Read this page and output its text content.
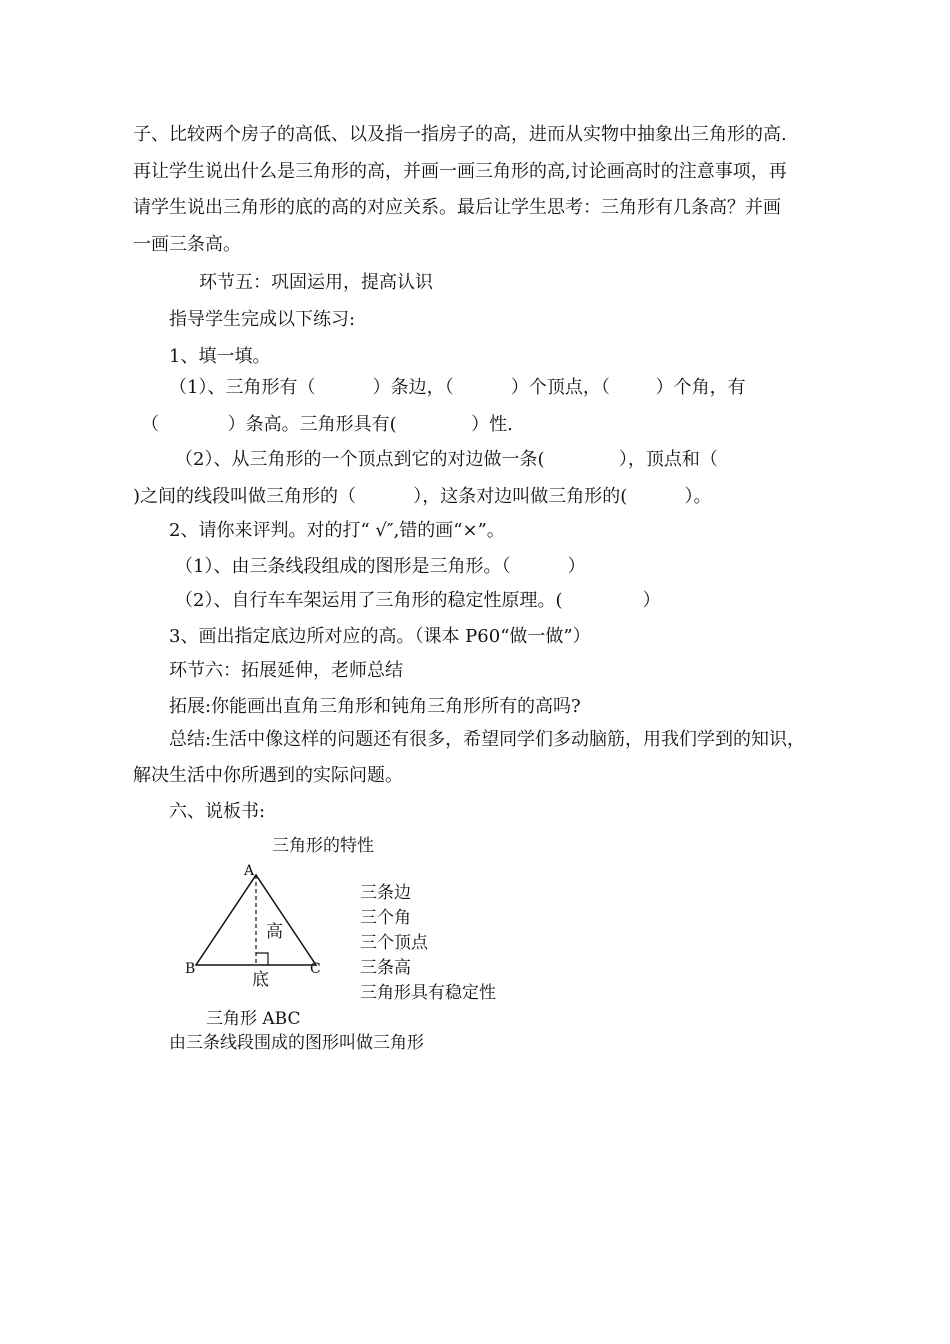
子、比较两个房子的高低、以及指一指房子的高，进而从实物中抽象出三角形的高.
再让学生说出什么是三角形的高，并画一画三角形的高,讨论画高时的注意事项，再
请学生说出三角形的底的高的对应关系。最后让学生思考：三角形有几条高？并画
一画三条高。
环节五：巩固运用，提高认识
指导学生完成以下练习:
1、填一填。
（1）、三角形有（          ）条边，（          ）个顶点，（        ）个角，有
（            ）条高。三角形具有(             ）性.
（2）、从三角形的一个顶点到它的对边做一条(             ），顶点和（
)之间的线段叫做三角形的（          ），这条对边叫做三角形的(          ）。
2、请你来评判。对的打“ √″,错的画“×”。
（1）、由三条线段组成的图形是三角形。（          ）
（2）、自行车车架运用了三角形的稳定性原理。(              ）
3、画出指定底边所对应的高。（课本 P60“做一做”）
环节六：拓展延伸，老师总结
拓展:你能画出直角三角形和钝角三角形所有的高吗?
总结:生活中像这样的问题还有很多，希望同学们多动脑筋，用我们学到的知识，
解决生活中你所遇到的实际问题。
六、说板书:
三角形的特性
A
B	C
高
底
三条边
三个角
三个顶点
三条高
三角形具有稳定性
三角形 ABC
由三条线段围成的图形叫做三角形
